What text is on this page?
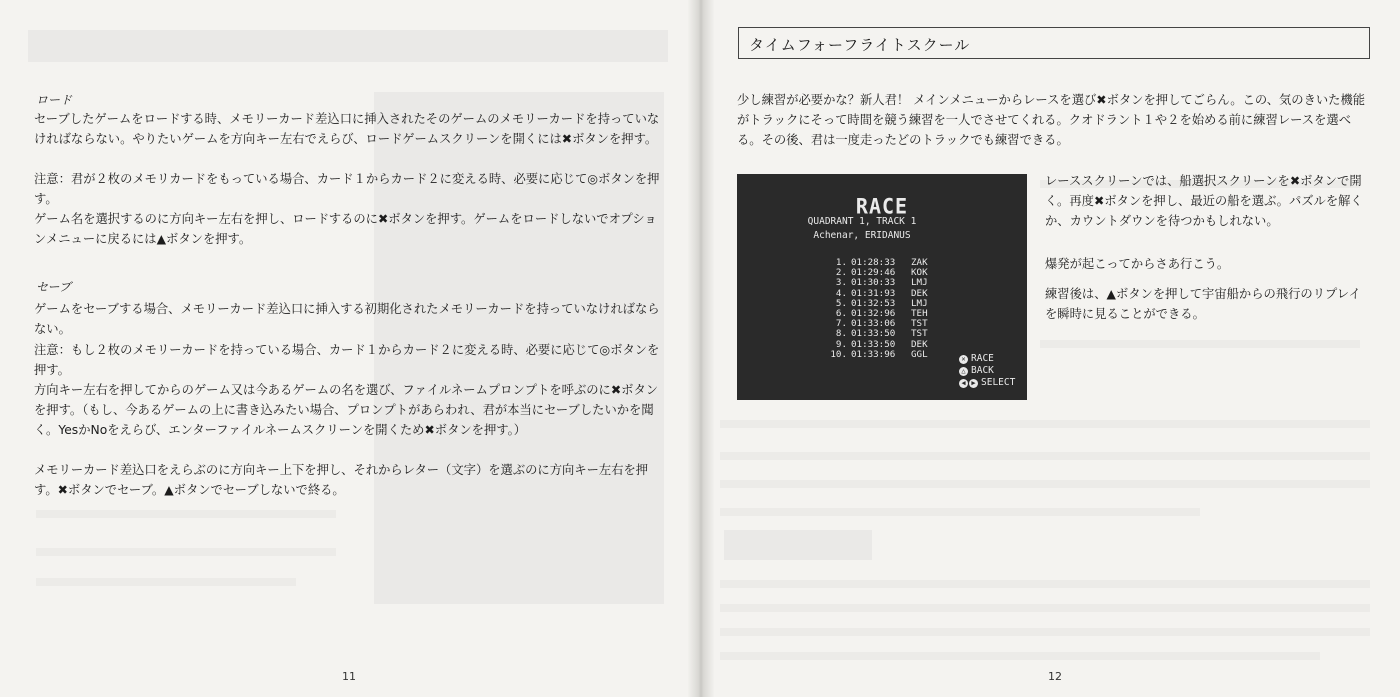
ロード

セーブしたゲームをロードする時、メモリーカード差込口に挿入されたそのゲームのメモリーカードを持っていなければならない。やりたいゲームを方向キー左右でえらび、ロードゲームスクリーンを開くには✖ボタンを押す。

注意：君が２枚のメモリカードをもっている場合、カード１からカード２に変える時、必要に応じて◎ボタンを押す。

ゲーム名を選択するのに方向キー左右を押し、ロードするのに✖ボタンを押す。ゲームをロードしないでオプションメニューに戻るには▲ボタンを押す。

セーブ

ゲームをセーブする場合、メモリーカード差込口に挿入する初期化されたメモリーカードを持っていなければならない。

注意：もし２枚のメモリーカードを持っている場合、カード１からカード２に変える時、必要に応じて◎ボタンを押す。

方向キー左右を押してからのゲーム又は今あるゲームの名を選び、ファイルネームプロンプトを呼ぶのに✖ボタンを押す。（もし、今あるゲームの上に書き込みたい場合、プロンプトがあらわれ、君が本当にセーブしたいかを聞く。YesかNoをえらび、エンターファイルネームスクリーンを開くため✖ボタンを押す。）

メモリーカード差込口をえらぶのに方向キー上下を押し、それからレター（文字）を選ぶのに方向キー左右を押す。✖ボタンでセーブ。▲ボタンでセーブしないで終る。

11
タイムフォーフライトスクール

少し練習が必要かな？新人君！ メインメニューからレースを選び✖ボタンを押してごらん。この、気のきいた機能がトラックにそって時間を競う練習を一人でさせてくれる。クオドラント１や２を始める前に練習レースを選べる。その後、君は一度走ったどのトラックでも練習できる。

RACE
QUADRANT 1, TRACK 1
Achenar, ERIDANUS
1. 01:28:33	ZAK
2. 01:29:46	KOK
3. 01:30:33	LMJ
4. 01:31:93	DEK
5. 01:32:53	LMJ
6. 01:32:96	TEH
7. 01:33:06	TST
8. 01:33:50	TST
9. 01:33:50	DEK
10. 01:33:96	GGL	✕ RACE
△ BACK
◀ ▶ SELECT

レーススクリーンでは、船選択スクリーンを✖ボタンで開く。再度✖ボタンを押し、最近の船を選ぶ。パズルを解くか、カウントダウンを待つかもしれない。

爆発が起こってからさあ行こう。

練習後は、▲ボタンを押して宇宙船からの飛行のリプレイを瞬時に見ることができる。

12
